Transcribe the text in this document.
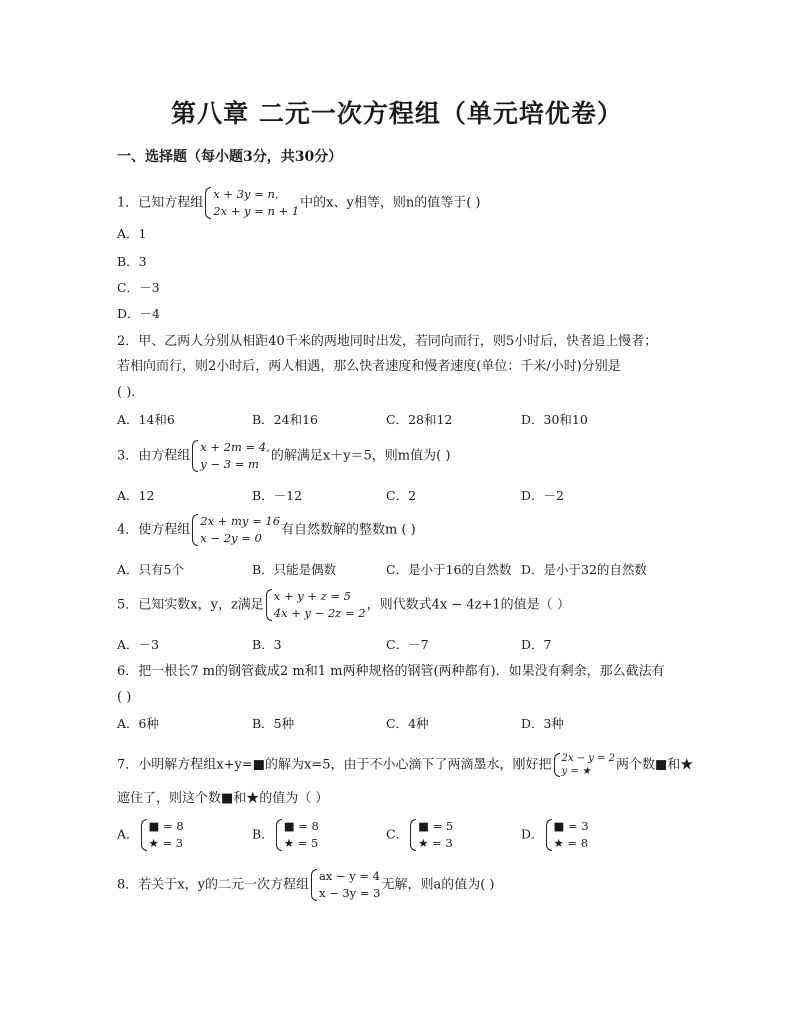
第八章 二元一次方程组（单元培优卷）
一、选择题（每小题3分，共30分）
1．已知方程组
x + 3y = n,
2x + y = n + 1
中的x、y相等，则n的值等于( )
A．1
B．3
C．－3
D．－4
2．甲、乙两人分别从相距40千米的两地同时出发，若同向而行，则5小时后，快者追上慢者；
若相向而行，则2小时后，两人相遇，那么快者速度和慢者速度(单位：千米/小时)分别是
( ).
A．14和6	B．24和16	C．28和12	D．30和10
3．由方程组
x + 2m = 4,
y − 3 = m
的解满足x＋y＝5，则m值为( )
A．12	B．－12	C．2	D．－2
4．使方程组
2x + my = 16
x − 2y = 0
有自然数解的整数m ( )
A．只有5个	B．只能是偶数	C．是小于16的自然数 D．是小于32的自然数
5．已知实数x，y，z满足
x + y + z = 5
4x + y − 2z = 2
，则代数式4x − 4z+1的值是（ ）
A．－3	B．3	C．－7	D．7
6．把一根长7 m的钢管截成2 m和1 m两种规格的钢管(两种都有)．如果没有剩余，那么截法有
( )
A．6种	B．5种	C．4种	D．3种
7．小明解方程组x+y=■的解为x=5，由于不小心滴下了两滴墨水，刚好把 2x − y = 2
y = ★	两个数■和★
遮住了，则这个数■和★的值为（ ）
A．
■ = 8
★ = 3
B．
■ = 8
★ = 5
C．
■ = 5
★ = 3
D．
■ = 3
★ = 8
8．若关于x，y的二元一次方程组
ax − y = 4
x − 3y = 3
无解，则a的值为( )
